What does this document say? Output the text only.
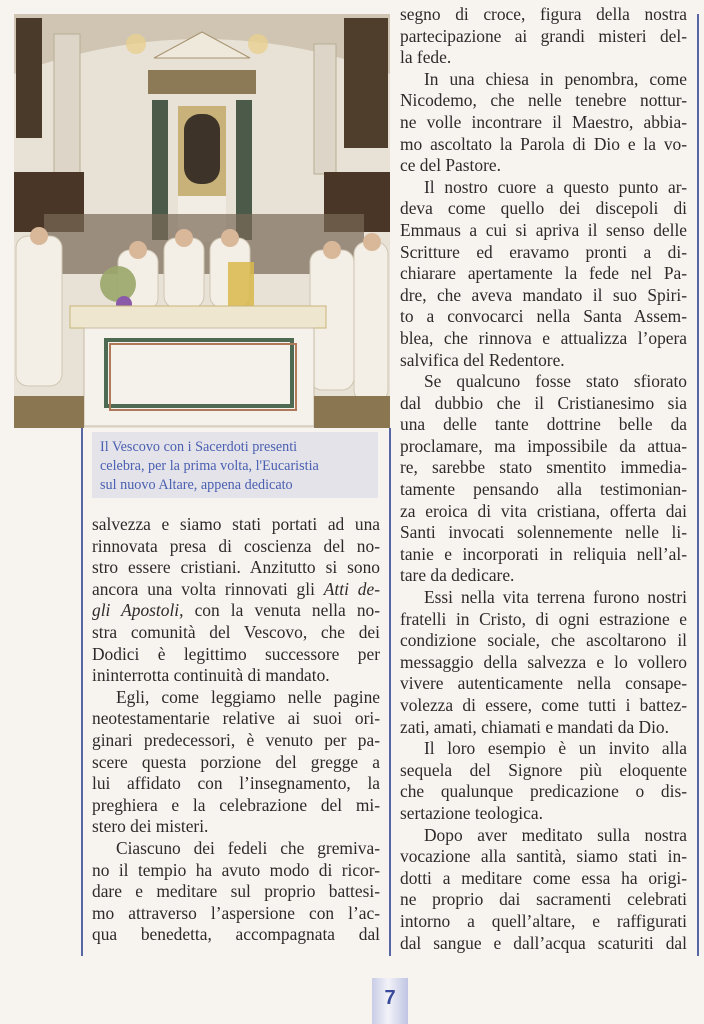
Il Vescovo con i Sacerdoti presenti
celebra, per la prima volta, l'Eucaristia
sul nuovo Altare, appena dedicato
salvezza e siamo stati portati ad una
rinnovata presa di coscienza del no-
stro essere cristiani. Anzitutto si sono
ancora una volta rinnovati gli Atti de-
gli Apostoli, con la venuta nella no-
stra comunità del Vescovo, che dei
Dodici è legittimo successore per
ininterrotta continuità di mandato.
Egli, come leggiamo nelle pagine
neotestamentarie relative ai suoi ori-
ginari predecessori, è venuto per pa-
scere questa porzione del gregge a
lui affidato con l’insegnamento, la
preghiera e la celebrazione del mi-
stero dei misteri.
Ciascuno dei fedeli che gremiva-
no il tempio ha avuto modo di ricor-
dare e meditare sul proprio battesi-
mo attraverso l’aspersione con l’ac-
qua benedetta, accompagnata dal
segno di croce, figura della nostra
partecipazione ai grandi misteri del-
la fede.
In una chiesa in penombra, come
Nicodemo, che nelle tenebre nottur-
ne volle incontrare il Maestro, abbia-
mo ascoltato la Parola di Dio e la vo-
ce del Pastore.
Il nostro cuore a questo punto ar-
deva come quello dei discepoli di
Emmaus a cui si apriva il senso delle
Scritture ed eravamo pronti a di-
chiarare apertamente la fede nel Pa-
dre, che aveva mandato il suo Spiri-
to a convocarci nella Santa Assem-
blea, che rinnova e attualizza l’opera
salvifica del Redentore.
Se qualcuno fosse stato sfiorato
dal dubbio che il Cristianesimo sia
una delle tante dottrine belle da
proclamare, ma impossibile da attua-
re, sarebbe stato smentito immedia-
tamente pensando alla testimonian-
za eroica di vita cristiana, offerta dai
Santi invocati solennemente nelle li-
tanie e incorporati in reliquia nell’al-
tare da dedicare.
Essi nella vita terrena furono nostri
fratelli in Cristo, di ogni estrazione e
condizione sociale, che ascoltarono il
messaggio della salvezza e lo vollero
vivere autenticamente nella consape-
volezza di essere, come tutti i battez-
zati, amati, chiamati e mandati da Dio.
Il loro esempio è un invito alla
sequela del Signore più eloquente
che qualunque predicazione o dis-
sertazione teologica.
Dopo aver meditato sulla nostra
vocazione alla santità, siamo stati in-
dotti a meditare come essa ha origi-
ne proprio dai sacramenti celebrati
intorno a quell’altare, e raffigurati
dal sangue e dall’acqua scaturiti dal
7
